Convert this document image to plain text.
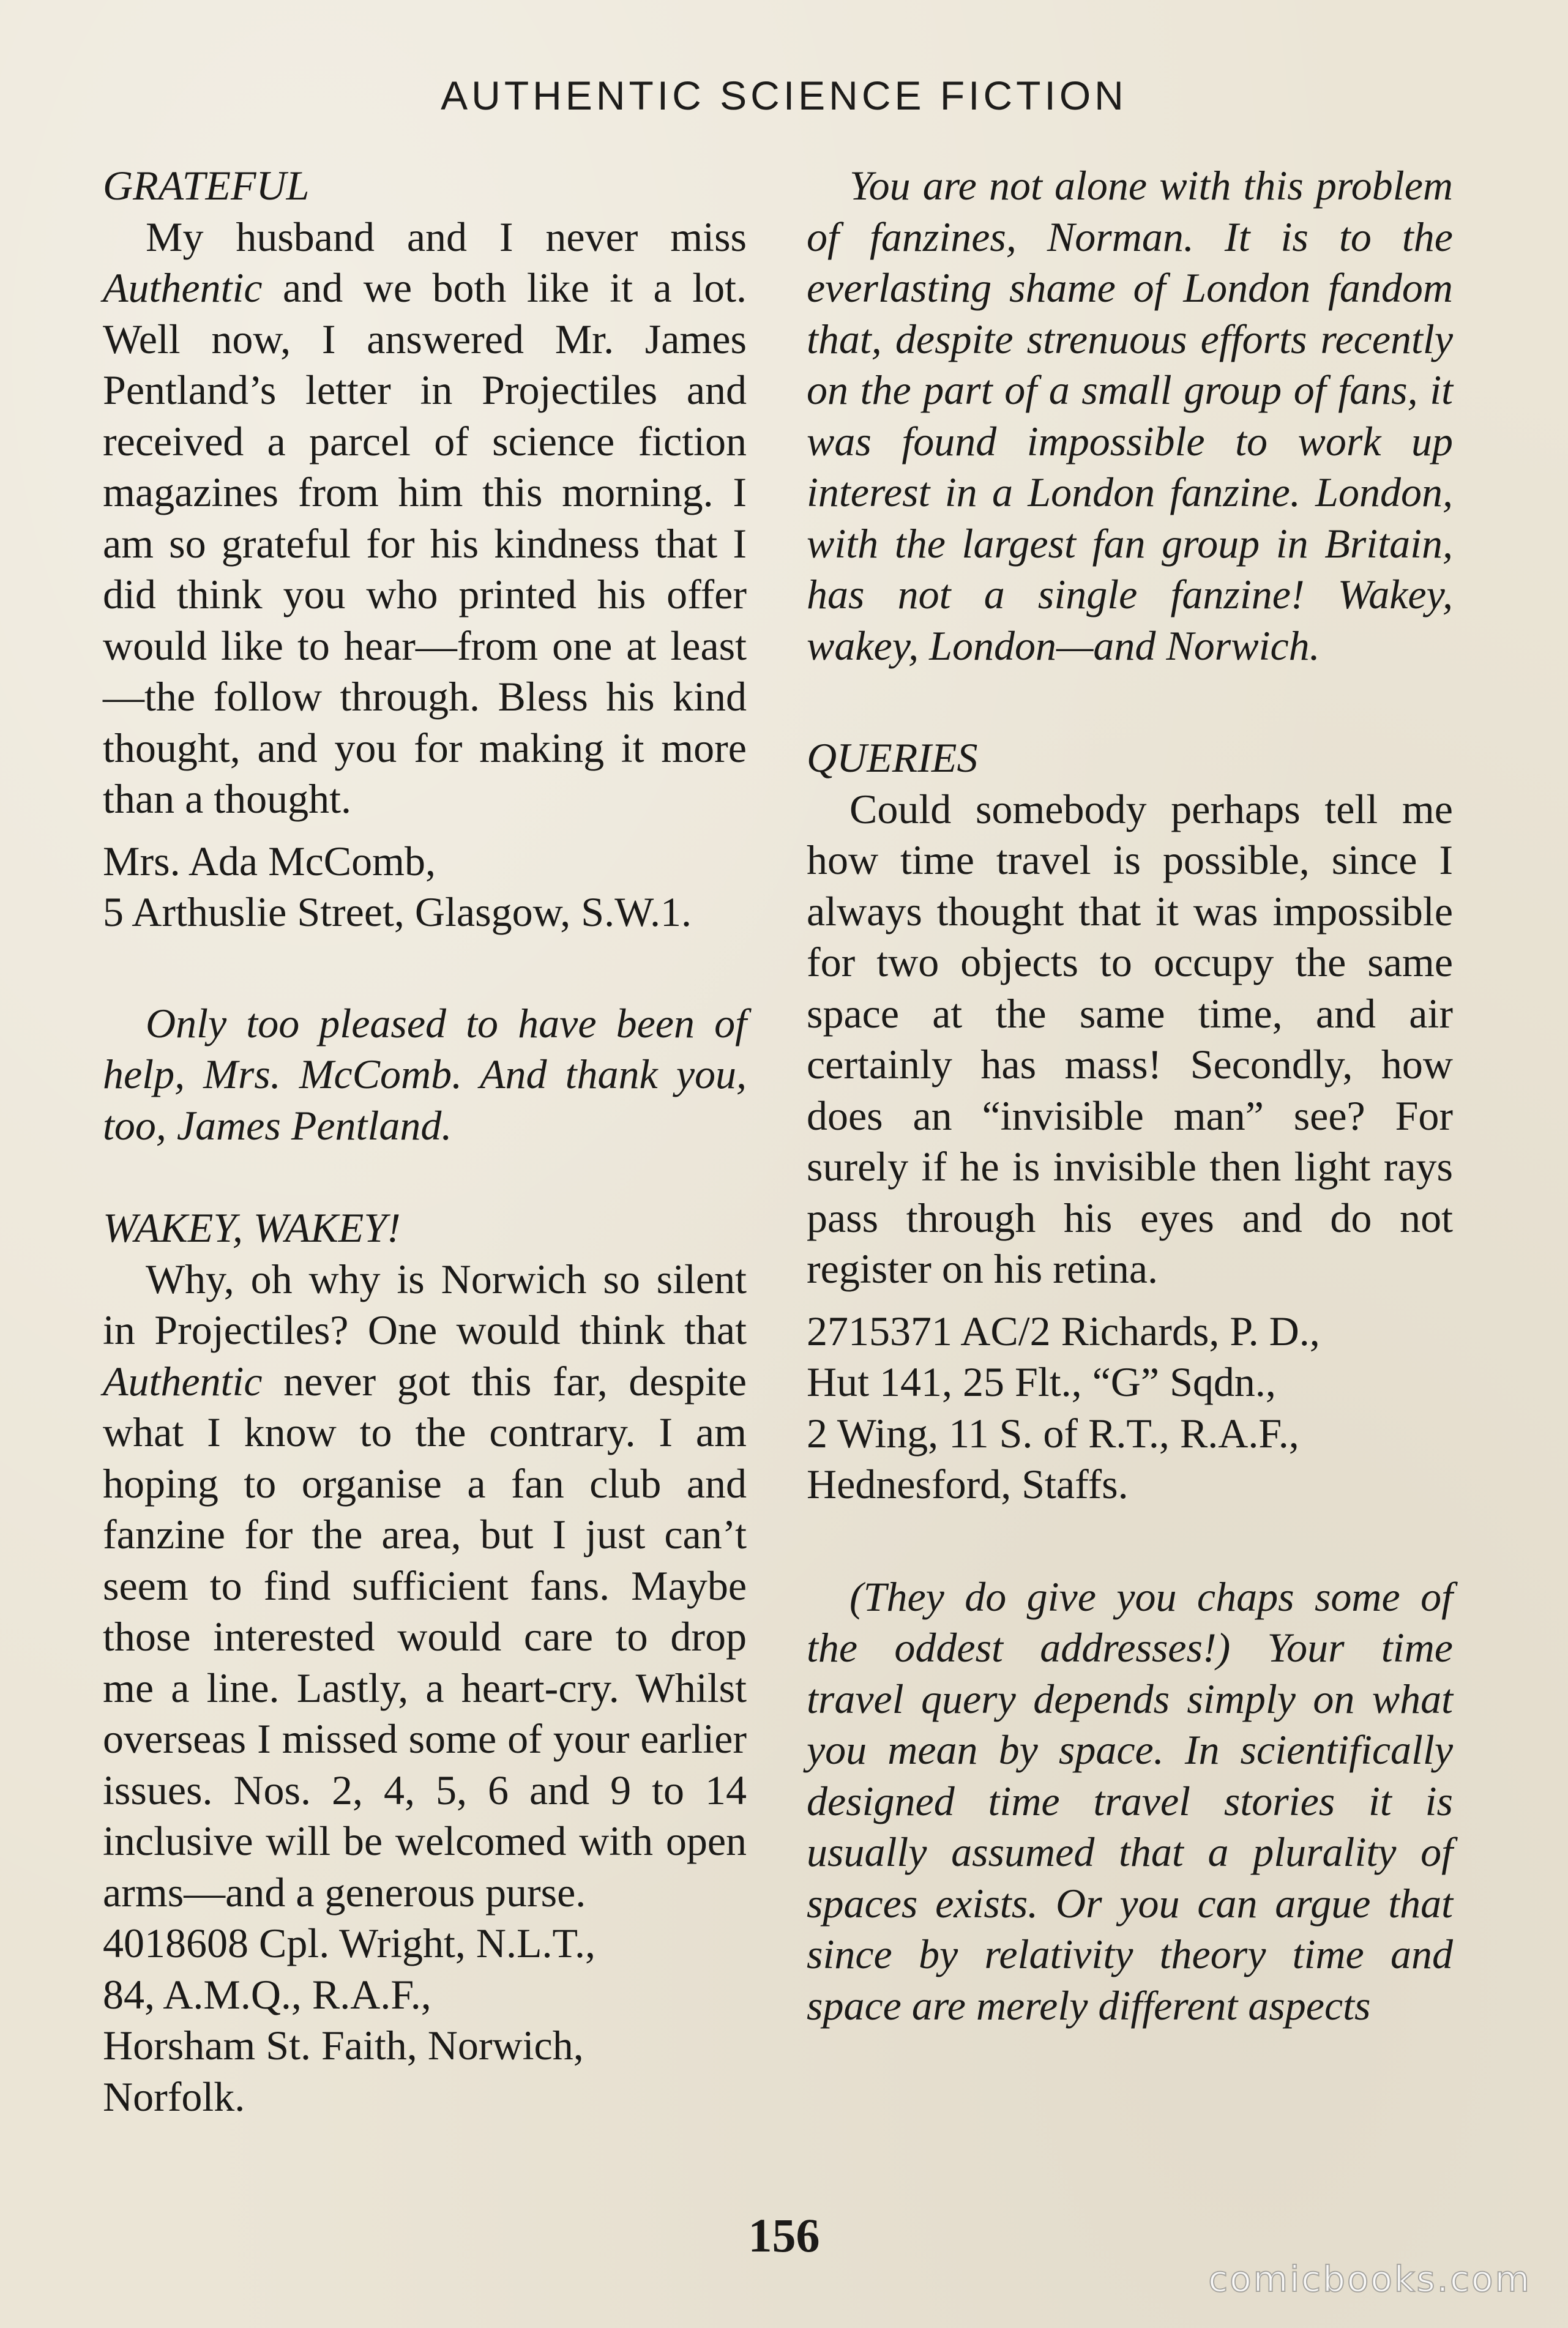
AUTHENTIC SCIENCE FICTION

GRATEFUL

My husband and I never miss Authentic and we both like it a lot. Well now, I answered Mr. James Pentland’s letter in Projectiles and received a parcel of science fiction magazines from him this morning. I am so grateful for his kindness that I did think you who printed his offer would like to hear—from one at least—the follow through. Bless his kind thought, and you for making it more than a thought.

Mrs. Ada McComb,

5 Arthuslie Street, Glasgow, S.W.1.

Only too pleased to have been of help, Mrs. McComb. And thank you, too, James Pentland.

WAKEY, WAKEY!

Why, oh why is Norwich so silent in Projectiles? One would think that Authentic never got this far, despite what I know to the contrary. I am hoping to organise a fan club and fanzine for the area, but I just can’t seem to find sufficient fans. Maybe those interested would care to drop me a line. Lastly, a heart-cry. Whilst overseas I missed some of your earlier issues. Nos. 2, 4, 5, 6 and 9 to 14 inclusive will be welcomed with open arms—and a generous purse.

4018608 Cpl. Wright, N.L.T.,

84, A.M.Q., R.A.F.,

Horsham St. Faith, Norwich,

Norfolk.

You are not alone with this problem of fanzines, Norman. It is to the everlasting shame of London fandom that, despite strenuous efforts recently on the part of a small group of fans, it was found impossible to work up interest in a London fanzine. London, with the largest fan group in Britain, has not a single fanzine! Wakey, wakey, London—and Norwich.

QUERIES

Could somebody perhaps tell me how time travel is possible, since I always thought that it was impossible for two objects to occupy the same space at the same time, and air certainly has mass! Secondly, how does an “invisible man” see? For surely if he is invisible then light rays pass through his eyes and do not register on his retina.

2715371 AC/2 Richards, P. D.,

Hut 141, 25 Flt., “G” Sqdn.,

2 Wing, 11 S. of R.T., R.A.F.,

Hednesford, Staffs.

(They do give you chaps some of the oddest addresses!) Your time travel query depends simply on what you mean by space. In scientifically designed time travel stories it is usually assumed that a plurality of spaces exists. Or you can argue that since by relativity theory time and space are merely different aspects

156
comicbooks.com
